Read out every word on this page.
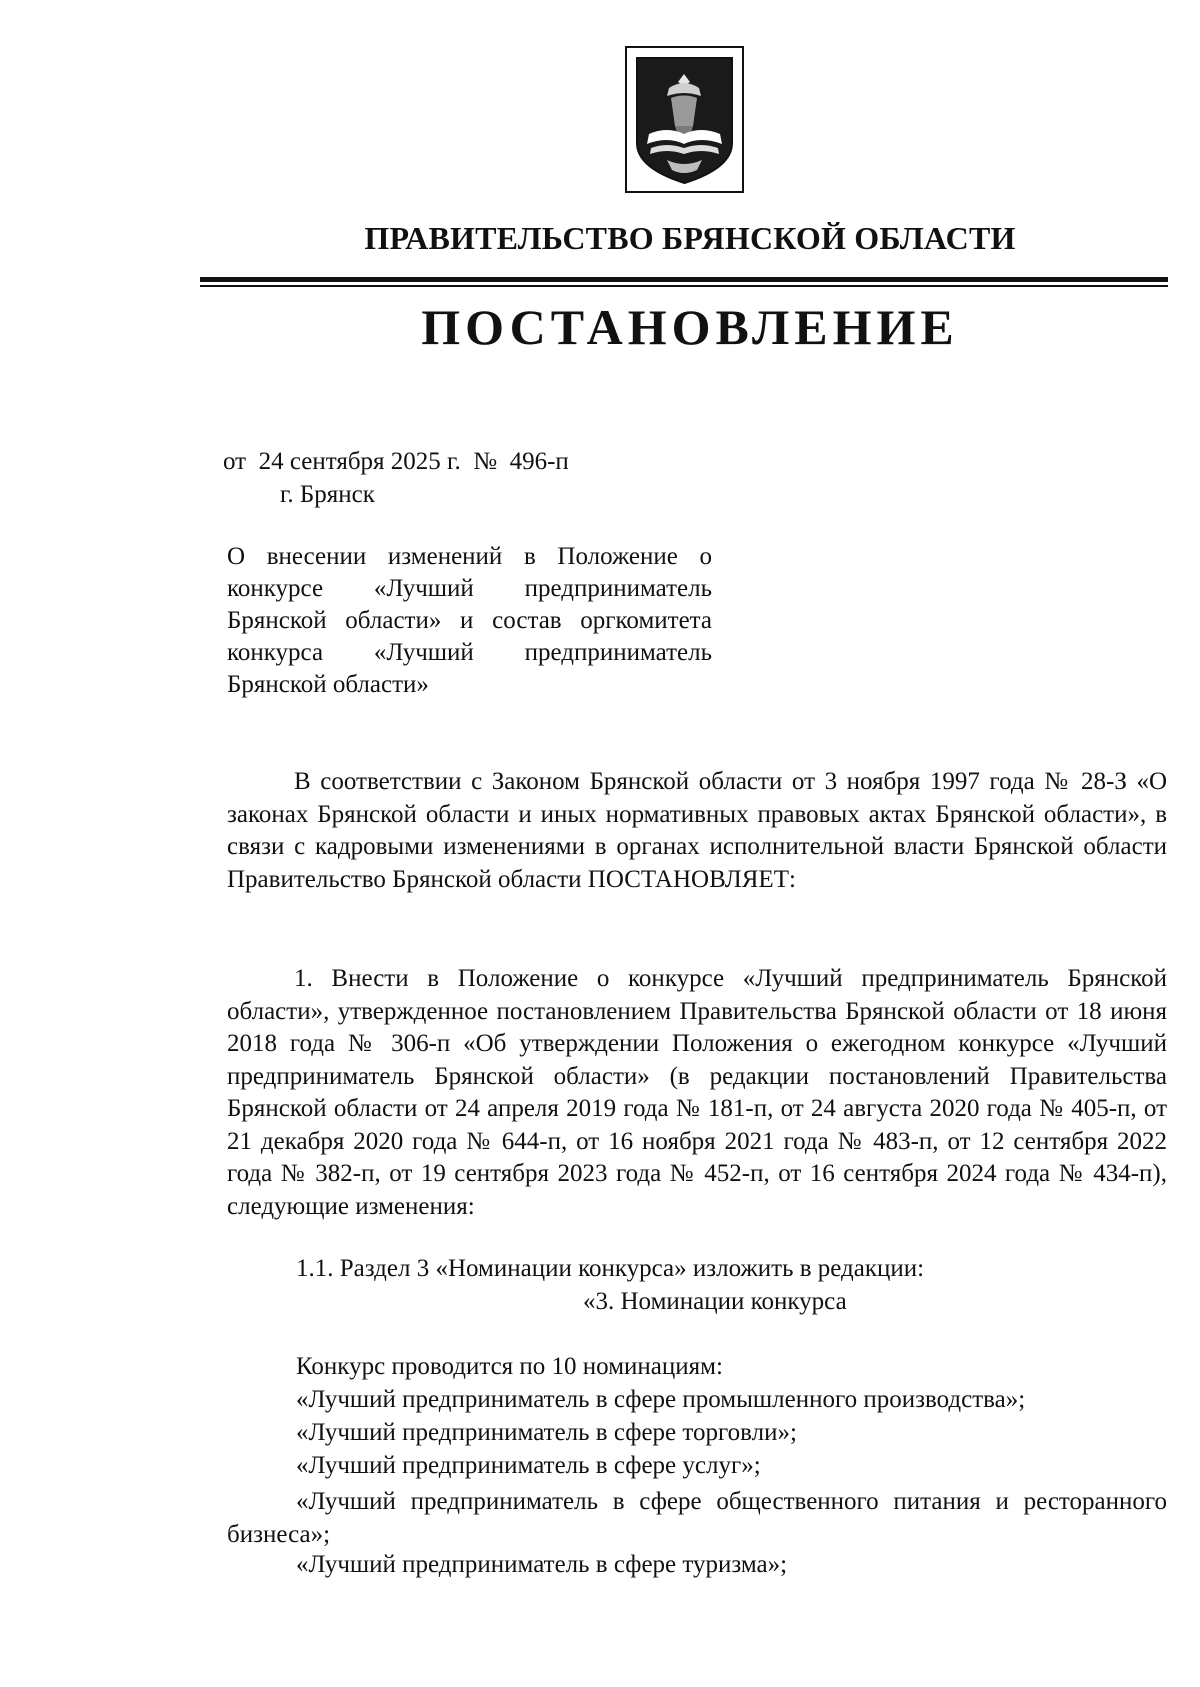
ПРАВИТЕЛЬСТВО БРЯНСКОЙ ОБЛАСТИ
ПОСТАНОВЛЕНИЕ
от  24 сентября 2025 г.  №  496-п
г. Брянск
О внесении изменений в Положение о конкурсе «Лучший предприниматель Брянской области» и состав оргкомитета конкурса «Лучший предприниматель Брянской области»
В соответствии с Законом Брянской области от 3 ноября 1997 года № 28-З «О законах Брянской области и иных нормативных правовых актах Брянской области», в связи с кадровыми изменениями в органах исполнительной власти Брянской области Правительство Брянской области ПОСТАНОВЛЯЕТ:
1. Внести в Положение о конкурсе «Лучший предприниматель Брянской области», утвержденное постановлением Правительства Брянской области от 18 июня 2018 года № 306-п «Об утверждении Положения о ежегодном конкурсе «Лучший предприниматель Брянской области» (в редакции постановлений Правительства Брянской области от 24 апреля 2019 года № 181-п, от 24 августа 2020 года № 405-п, от 21 декабря 2020 года № 644-п, от 16 ноября 2021 года № 483-п, от 12 сентября 2022 года № 382-п, от 19 сентября 2023 года № 452-п, от 16 сентября 2024 года № 434-п), следующие изменения:
1.1. Раздел 3 «Номинации конкурса» изложить в редакции:
«3. Номинации конкурса
Конкурс проводится по 10 номинациям:
«Лучший предприниматель в сфере промышленного производства»;
«Лучший предприниматель в сфере торговли»;
«Лучший предприниматель в сфере услуг»;
«Лучший предприниматель в сфере общественного питания и ресторанного бизнеса»;
«Лучший предприниматель в сфере туризма»;
